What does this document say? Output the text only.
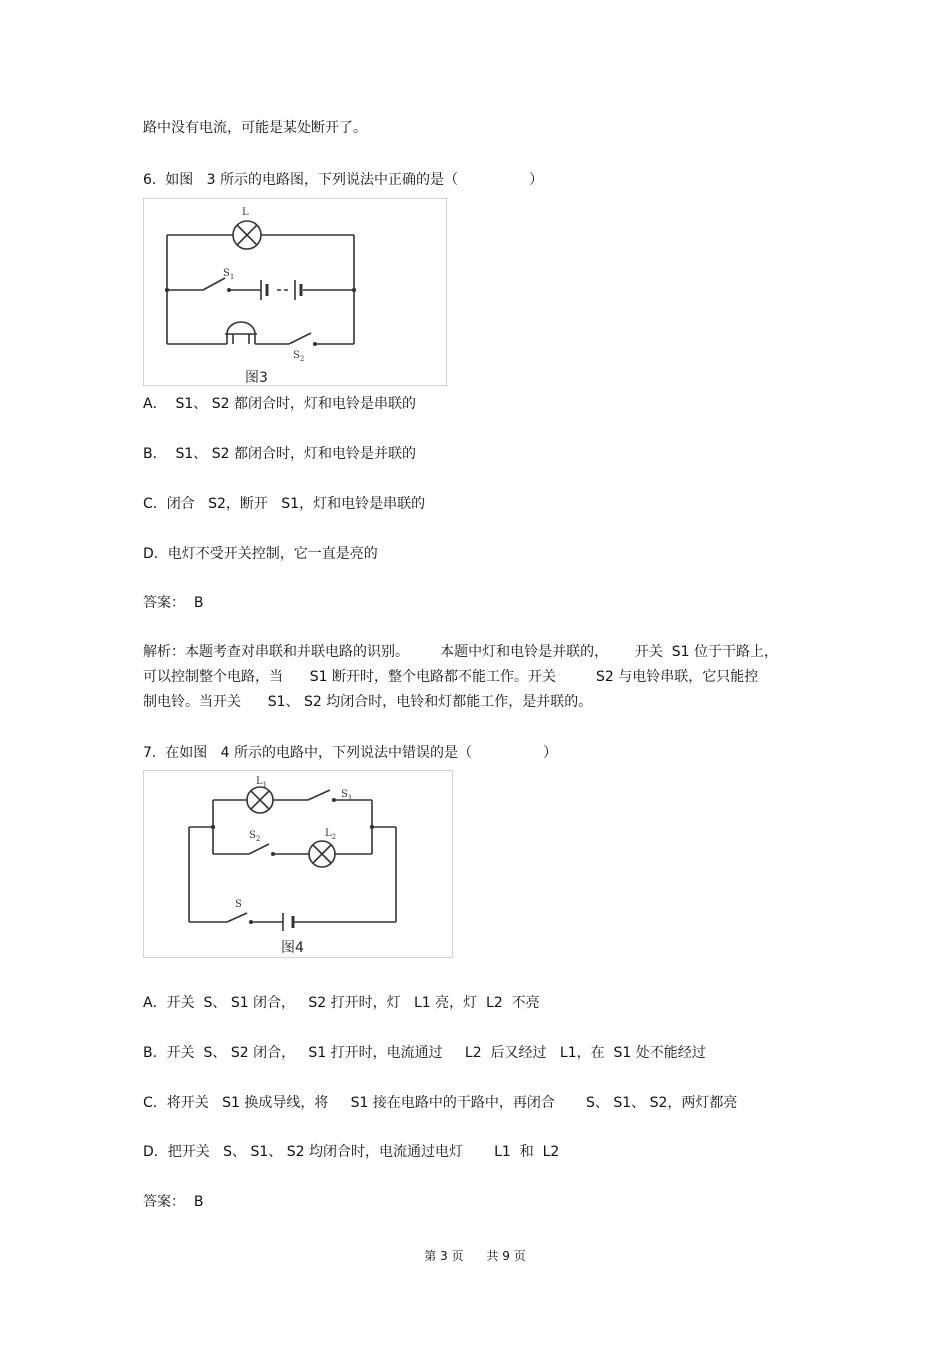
路中没有电流，可能是某处断开了。
6.  如图   3 所示的电路图，下列说法中正确的是（                ）
L
$S_1$
$S_2$
图3
A．  S1、 S2 都闭合时，灯和电铃是串联的
B．  S1、 S2 都闭合时，灯和电铃是并联的
C．闭合   S2，断开   S1，灯和电铃是串联的
D．电灯不受开关控制，它一直是亮的
答案：  B
解析：本题考查对串联和并联电路的识别。       本题中灯和电铃是并联的，      开关  S1 位于干路上，
可以控制整个电路，当      S1 断开时，整个电路都不能工作。开关         S2 与电铃串联，它只能控
制电铃。当开关      S1、 S2 均闭合时，电铃和灯都能工作，是并联的。
7.  在如图   4 所示的电路中，下列说法中错误的是（                ）
$L_1$
$S_1$
$S_2$	$L_2$
S
图4
A．开关  S、 S1 闭合，   S2 打开时，灯   L1 亮，灯  L2  不亮
B．开关  S、 S2 闭合，   S1 打开时，电流通过     L2  后又经过   L1，在  S1 处不能经过
C．将开关   S1 换成导线，将     S1 接在电路中的干路中，再闭合       S、 S1、 S2，两灯都亮
D．把开关   S、 S1、 S2 均闭合时，电流通过电灯       L1  和  L2
答案：  B
第 3 页      共 9 页
